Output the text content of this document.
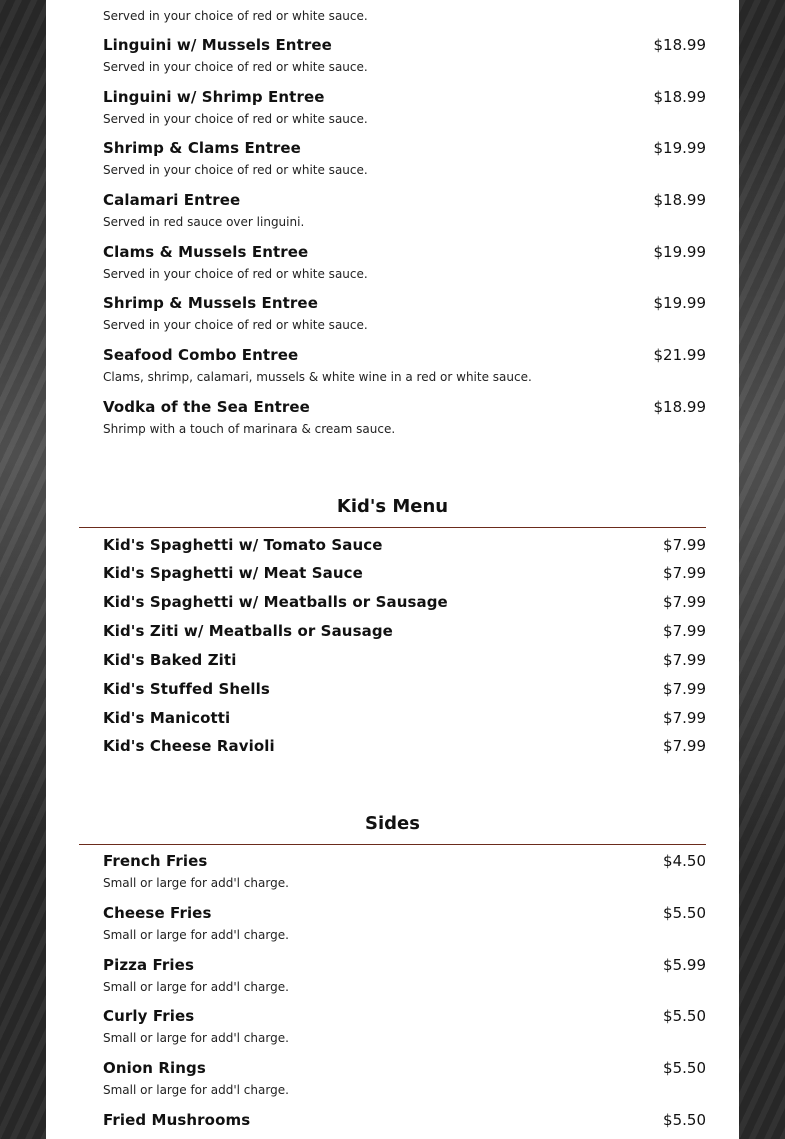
Served in your choice of red or white sauce.
Linguini w/ Mussels Entree	$18.99
Served in your choice of red or white sauce.
Linguini w/ Shrimp Entree	$18.99
Served in your choice of red or white sauce.
Shrimp & Clams Entree	$19.99
Served in your choice of red or white sauce.
Calamari Entree	$18.99
Served in red sauce over linguini.
Clams & Mussels Entree	$19.99
Served in your choice of red or white sauce.
Shrimp & Mussels Entree	$19.99
Served in your choice of red or white sauce.
Seafood Combo Entree	$21.99
Clams, shrimp, calamari, mussels & white wine in a red or white sauce.
Vodka of the Sea Entree	$18.99
Shrimp with a touch of marinara & cream sauce.
Kid's Menu
Kid's Spaghetti w/ Tomato Sauce	$7.99
Kid's Spaghetti w/ Meat Sauce	$7.99
Kid's Spaghetti w/ Meatballs or Sausage	$7.99
Kid's Ziti w/ Meatballs or Sausage	$7.99
Kid's Baked Ziti	$7.99
Kid's Stuffed Shells	$7.99
Kid's Manicotti	$7.99
Kid's Cheese Ravioli	$7.99
Sides
French Fries	$4.50
Small or large for add'l charge.
Cheese Fries	$5.50
Small or large for add'l charge.
Pizza Fries	$5.99
Small or large for add'l charge.
Curly Fries	$5.50
Small or large for add'l charge.
Onion Rings	$5.50
Small or large for add'l charge.
Fried Mushrooms	$5.50
